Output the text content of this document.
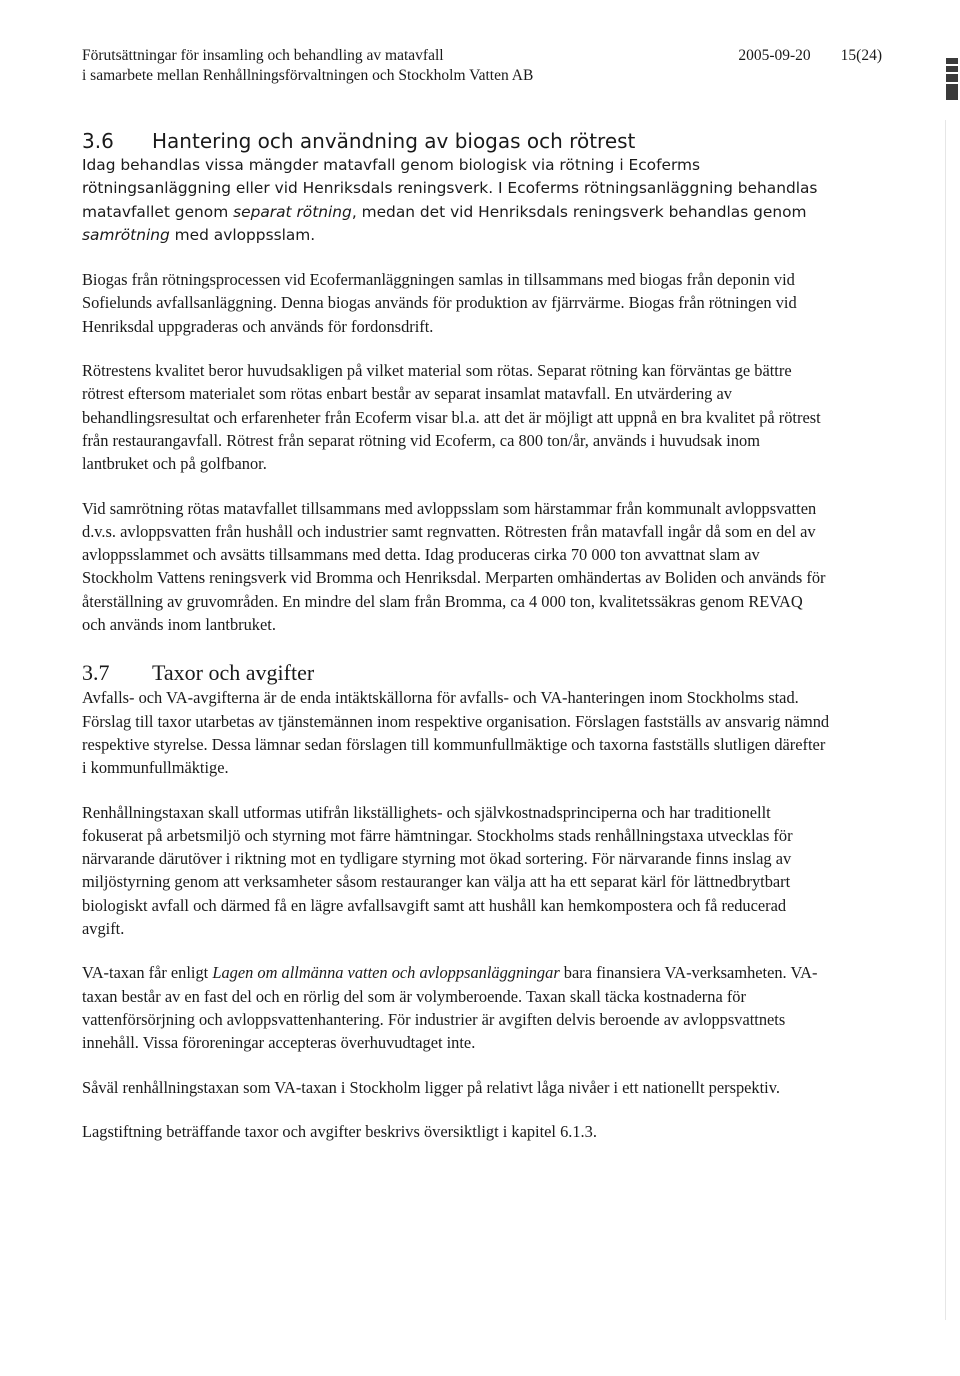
Förutsättningar för insamling och behandling av matavfall
i samarbete mellan Renhållningsförvaltningen och Stockholm Vatten AB
2005-09-20 15(24)
3.6 Hantering och användning av biogas och rötrest

Idag behandlas vissa mängder matavfall genom biologisk via rötning i Ecoferms rötningsanläggning eller vid Henriksdals reningsverk. I Ecoferms rötningsanläggning behandlas matavfallet genom separat rötning, medan det vid Henriksdals reningsverk behandlas genom samrötning med avloppsslam.

Biogas från rötningsprocessen vid Ecofermanläggningen samlas in tillsammans med biogas från deponin vid Sofielunds avfallsanläggning. Denna biogas används för produktion av fjärrvärme. Biogas från rötningen vid Henriksdal uppgraderas och används för fordonsdrift.

Rötrestens kvalitet beror huvudsakligen på vilket material som rötas. Separat rötning kan förväntas ge bättre rötrest eftersom materialet som rötas enbart består av separat insamlat matavfall. En utvärdering av behandlingsresultat och erfarenheter från Ecoferm visar bl.a. att det är möjligt att uppnå en bra kvalitet på rötrest från restaurangavfall. Rötrest från separat rötning vid Ecoferm, ca 800 ton/år, används i huvudsak inom lantbruket och på golfbanor.

Vid samrötning rötas matavfallet tillsammans med avloppsslam som härstammar från kommunalt avloppsvatten d.v.s. avloppsvatten från hushåll och industrier samt regnvatten. Rötresten från matavfall ingår då som en del av avloppsslammet och avsätts tillsammans med detta. Idag produceras cirka 70 000 ton avvattnat slam av Stockholm Vattens reningsverk vid Bromma och Henriksdal. Merparten omhändertas av Boliden och används för återställning av gruvområden. En mindre del slam från Bromma, ca 4 000 ton, kvalitetssäkras genom REVAQ och används inom lantbruket.

3.7 Taxor och avgifter

Avfalls- och VA-avgifterna är de enda intäktskällorna för avfalls- och VA-hanteringen inom Stockholms stad. Förslag till taxor utarbetas av tjänstemännen inom respektive organisation. Förslagen fastställs av ansvarig nämnd respektive styrelse. Dessa lämnar sedan förslagen till kommunfullmäktige och taxorna fastställs slutligen därefter i kommunfullmäktige.

Renhållningstaxan skall utformas utifrån likställighets- och självkostnadsprinciperna och har traditionellt fokuserat på arbetsmiljö och styrning mot färre hämtningar. Stockholms stads renhållningstaxa utvecklas för närvarande därutöver i riktning mot en tydligare styrning mot ökad sortering. För närvarande finns inslag av miljöstyrning genom att verksamheter såsom restauranger kan välja att ha ett separat kärl för lättnedbrytbart biologiskt avfall och därmed få en lägre avfallsavgift samt att hushåll kan hemkompostera och få reducerad avgift.

VA-taxan får enligt Lagen om allmänna vatten och avloppsanläggningar bara finansiera VA-verksamheten. VA-taxan består av en fast del och en rörlig del som är volymberoende. Taxan skall täcka kostnaderna för vattenförsörjning och avloppsvattenhantering. För industrier är avgiften delvis beroende av avloppsvattnets innehåll. Vissa föroreningar accepteras överhuvudtaget inte.

Såväl renhållningstaxan som VA-taxan i Stockholm ligger på relativt låga nivåer i ett nationellt perspektiv.

Lagstiftning beträffande taxor och avgifter beskrivs översiktligt i kapitel 6.1.3.
